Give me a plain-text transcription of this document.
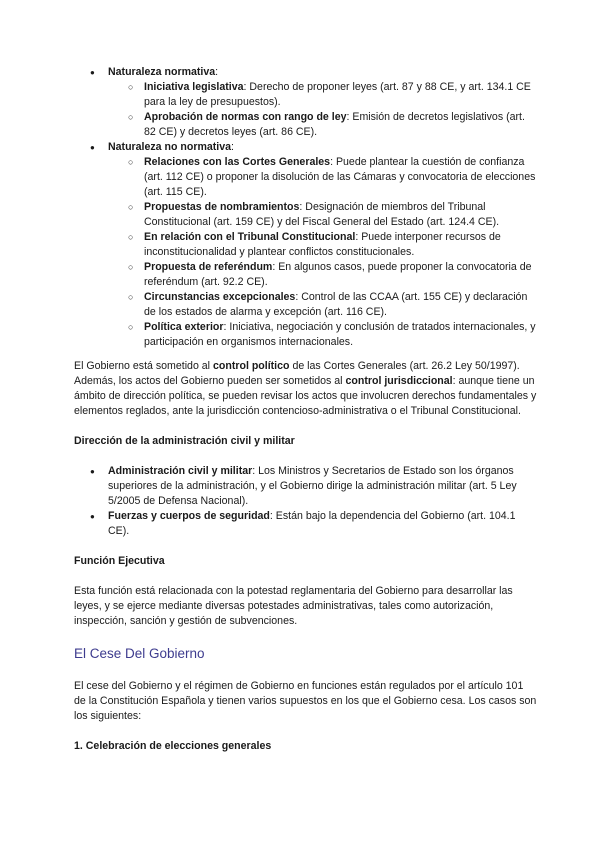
● Naturaleza normativa:
○ Iniciativa legislativa: Derecho de proponer leyes (art. 87 y 88 CE, y art. 134.1 CE para la ley de presupuestos).
○ Aprobación de normas con rango de ley: Emisión de decretos legislativos (art. 82 CE) y decretos leyes (art. 86 CE).
● Naturaleza no normativa:
○ Relaciones con las Cortes Generales: Puede plantear la cuestión de confianza (art. 112 CE) o proponer la disolución de las Cámaras y convocatoria de elecciones (art. 115 CE).
○ Propuestas de nombramientos: Designación de miembros del Tribunal Constitucional (art. 159 CE) y del Fiscal General del Estado (art. 124.4 CE).
○ En relación con el Tribunal Constitucional: Puede interponer recursos de inconstitucionalidad y plantear conflictos constitucionales.
○ Propuesta de referéndum: En algunos casos, puede proponer la convocatoria de referéndum (art. 92.2 CE).
○ Circunstancias excepcionales: Control de las CCAA (art. 155 CE) y declaración de los estados de alarma y excepción (art. 116 CE).
○ Política exterior: Iniciativa, negociación y conclusión de tratados internacionales, y participación en organismos internacionales.

El Gobierno está sometido al control político de las Cortes Generales (art. 26.2 Ley 50/1997). Además, los actos del Gobierno pueden ser sometidos al control jurisdiccional: aunque tiene un ámbito de dirección política, se pueden revisar los actos que involucren derechos fundamentales y elementos reglados, ante la jurisdicción contencioso-administrativa o el Tribunal Constitucional.

Dirección de la administración civil y militar
● Administración civil y militar: Los Ministros y Secretarios de Estado son los órganos superiores de la administración, y el Gobierno dirige la administración militar (art. 5 Ley 5/2005 de Defensa Nacional).
● Fuerzas y cuerpos de seguridad: Están bajo la dependencia del Gobierno (art. 104.1 CE).
Función Ejecutiva

Esta función está relacionada con la potestad reglamentaria del Gobierno para desarrollar las leyes, y se ejerce mediante diversas potestades administrativas, tales como autorización, inspección, sanción y gestión de subvenciones.

El Cese Del Gobierno

El cese del Gobierno y el régimen de Gobierno en funciones están regulados por el artículo 101 de la Constitución Española y tienen varios supuestos en los que el Gobierno cesa. Los casos son los siguientes:

1. Celebración de elecciones generales
